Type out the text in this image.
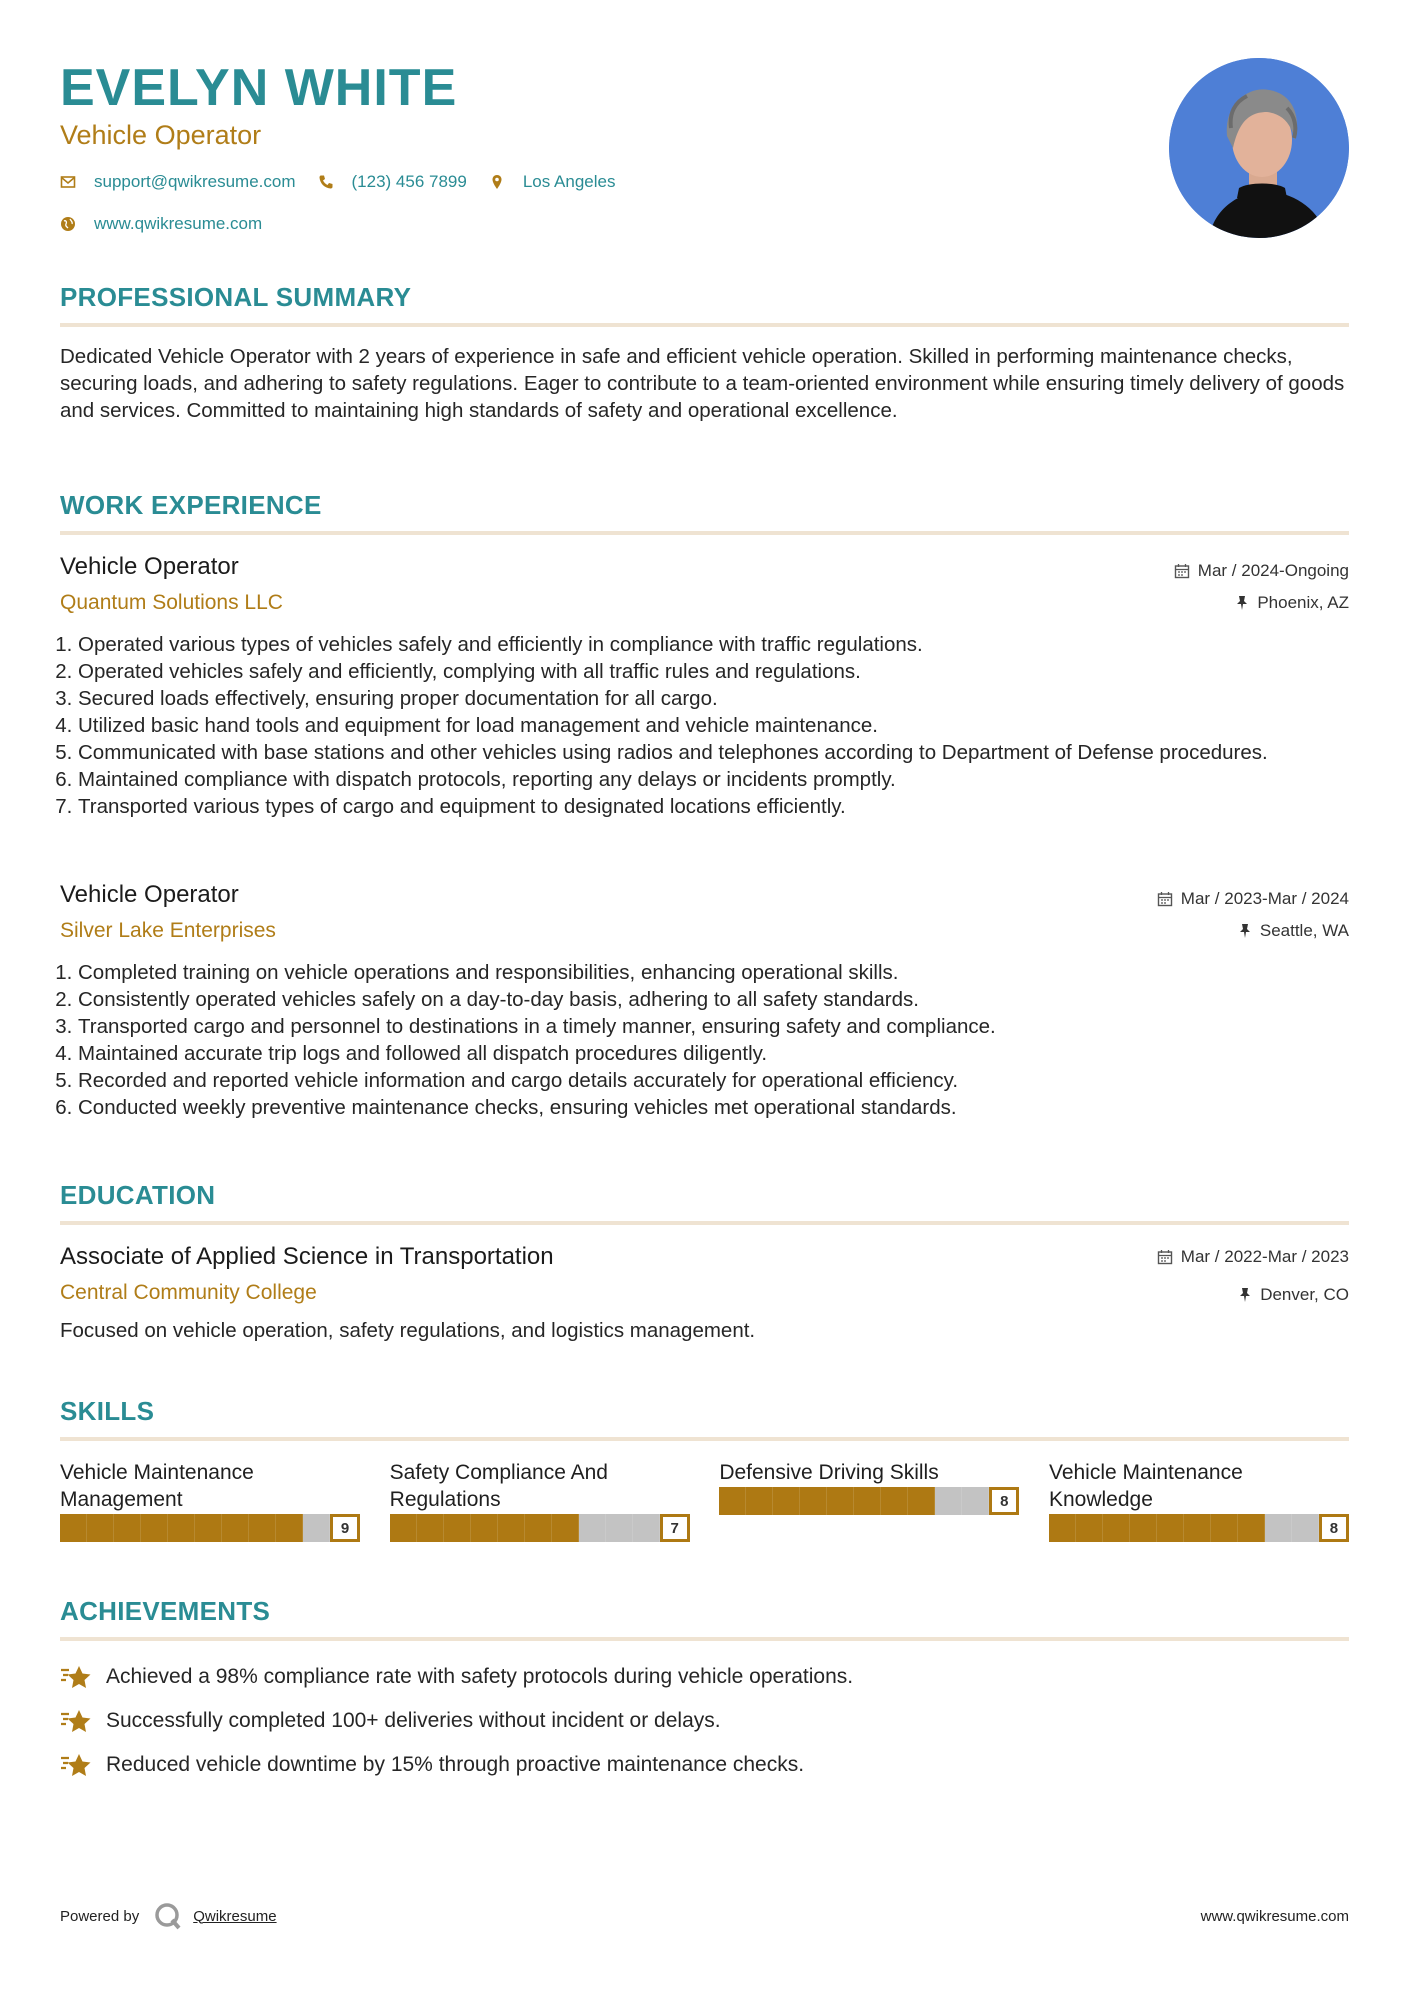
EVELYN WHITE
Vehicle Operator
support@qwikresume.com	(123) 456 7899	Los Angeles
www.qwikresume.com
PROFESSIONAL SUMMARY
Dedicated Vehicle Operator with 2 years of experience in safe and efficient vehicle operation. Skilled in performing maintenance checks, securing loads, and adhering to safety regulations. Eager to contribute to a team-oriented environment while ensuring timely delivery of goods and services. Committed to maintaining high standards of safety and operational excellence.
WORK EXPERIENCE
Vehicle Operator
Quantum Solutions LLC
Mar / 2024-Ongoing
Phoenix, AZ
1. Operated various types of vehicles safely and efficiently in compliance with traffic regulations.
2. Operated vehicles safely and efficiently, complying with all traffic rules and regulations.
3. Secured loads effectively, ensuring proper documentation for all cargo.
4. Utilized basic hand tools and equipment for load management and vehicle maintenance.
5. Communicated with base stations and other vehicles using radios and telephones according to Department of Defense procedures.
6. Maintained compliance with dispatch protocols, reporting any delays or incidents promptly.
7. Transported various types of cargo and equipment to designated locations efficiently.
Vehicle Operator
Silver Lake Enterprises
Mar / 2023-Mar / 2024
Seattle, WA
1. Completed training on vehicle operations and responsibilities, enhancing operational skills.
2. Consistently operated vehicles safely on a day-to-day basis, adhering to all safety standards.
3. Transported cargo and personnel to destinations in a timely manner, ensuring safety and compliance.
4. Maintained accurate trip logs and followed all dispatch procedures diligently.
5. Recorded and reported vehicle information and cargo details accurately for operational efficiency.
6. Conducted weekly preventive maintenance checks, ensuring vehicles met operational standards.
EDUCATION
Associate of Applied Science in Transportation
Central Community College
Mar / 2022-Mar / 2023
Denver, CO
Focused on vehicle operation, safety regulations, and logistics management.
SKILLS
Vehicle Maintenance Management
9
Safety Compliance And Regulations
7
Defensive Driving Skills
8
Vehicle Maintenance Knowledge
8
ACHIEVEMENTS
Achieved a 98% compliance rate with safety protocols during vehicle operations.
Successfully completed 100+ deliveries without incident or delays.
Reduced vehicle downtime by 15% through proactive maintenance checks.
Powered by	Qwikresume	www.qwikresume.com
